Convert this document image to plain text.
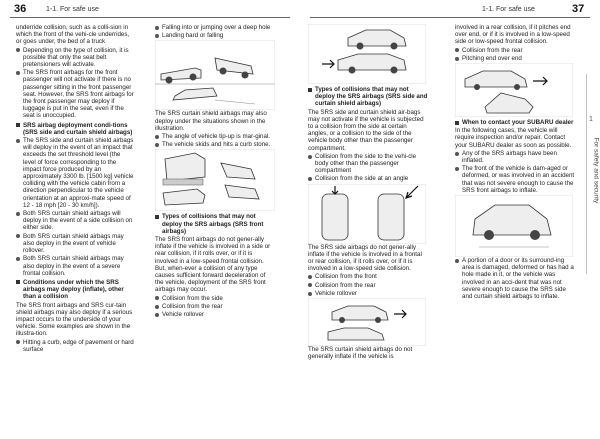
36	1-1. For safe use	1-1. For safe use	37
1
For safety and security

underride collision, such as a colli-sion in which the front of the vehi-cle underrides, or goes under, the bed of a truck

Depending on the type of collision, it is possible that only the seat belt pretensioners will activate.
The SRS front airbags for the front passenger will not activate if there is no passenger sitting in the front passenger seat. However, the SRS front airbags for the front passenger may deploy if luggage is put in the seat, even if the seat is unoccupied.
SRS airbag deployment condi-tions (SRS side and curtain shield airbags)
The SRS side and curtain shield airbags will deploy in the event of an impact that exceeds the set threshold level (the level of force corresponding to the impact force produced by an approximately 3300 lb. [1500 kg] vehicle colliding with the vehicle cabin from a direction perpendicular to the vehicle orientation at an approxi-mate speed of 12 - 18 mph [20 - 30 km/h]).
Both SRS curtain shield airbags will deploy in the event of a side collision on either side.
Both SRS curtain shield airbags may also deploy in the event of vehicle rollover.
Both SRS curtain shield airbags may also deploy in the event of a severe frontal collision.
Conditions under which the SRS airbags may deploy (inflate), other than a collision

The SRS front airbags and SRS cur-tain shield airbags may also deploy if a serious impact occurs to the underside of your vehicle. Some examples are shown in the illustra-tion.

Hitting a curb, edge of pavement or hard surface
Falling into or jumping over a deep hole
Landing hard or falling

The SRS curtain shield airbags may also deploy under the situations shown in the illustration.

The angle of vehicle tip-up is mar-ginal.
The vehicle skids and hits a curb stone.
Types of collisions that may not deploy the SRS airbags (SRS front airbags)

The SRS front airbags do not gener-ally inflate if the vehicle is involved in a side or rear collision, if it rolls over, or if it is involved in a low-speed frontal collision. But, when-ever a collision of any type causes sufficient forward deceleration of the vehicle, deployment of the SRS front airbags may occur.

Collision from the side
Collision from the rear
Vehicle rollover
Types of collisions that may not deploy the SRS airbags (SRS side and curtain shield airbags)

The SRS side and curtain shield air-bags may not activate if the vehicle is subjected to a collision from the side at certain angles, or a collision to the side of the vehicle body other than the passenger compartment.

Collision from the side to the vehi-cle body other than the passenger compartment
Collision from the side at an angle

The SRS side airbags do not gener-ally inflate if the vehicle is involved in a frontal or rear collision, if it rolls over, or if it is involved in a low-speed side collision.

Collision from the front
Collision from the rear
Vehicle rollover

The SRS curtain shield airbags do not generally inflate if the vehicle is

involved in a rear collision, if it pitches end over end, or if it is involved in a low-speed side or low-speed frontal collision.

Collision from the rear
Pitching end over end
When to contact your SUBARU dealer

In the following cases, the vehicle will require inspection and/or repair. Contact your SUBARU dealer as soon as possible.

Any of the SRS airbags have been inflated.
The front of the vehicle is dam-aged or deformed, or was involved in an accident that was not severe enough to cause the SRS front airbags to inflate.
A portion of a door or its surround-ing area is damaged, deformed or has had a hole made in it, or the vehicle was involved in an acci-dent that was not severe enough to cause the SRS side and curtain shield airbags to inflate.
